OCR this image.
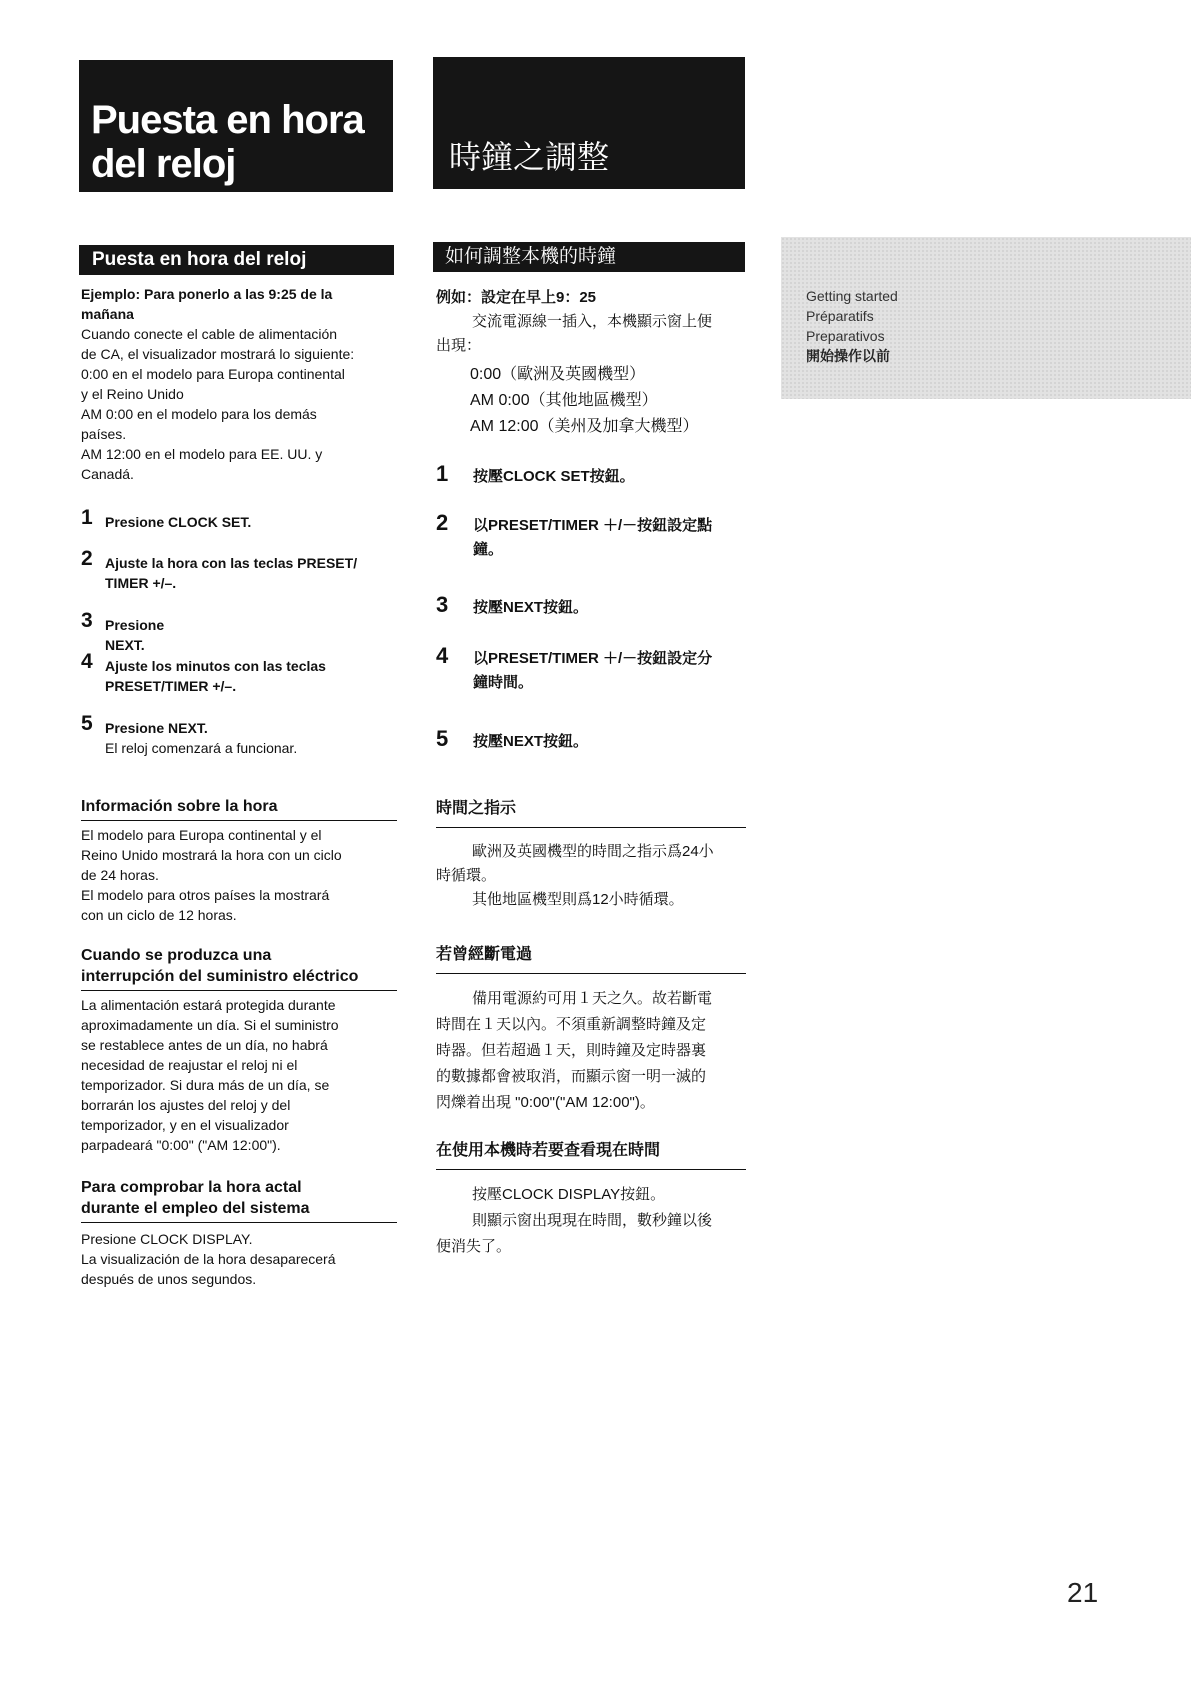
Puesta en hora
del reloj	時鐘之調整
Puesta en hora del reloj	如何調整本機的時鐘
Ejemplo: Para ponerlo a las 9:25 de la
mañana
Cuando conecte el cable de alimentación
de CA, el visualizador mostrará lo siguiente:
0:00 en el modelo para Europa continental
y el Reino Unido
AM 0:00 en el modelo para los demás
países.
AM 12:00 en el modelo para EE. UU. y
Canadá.
1 Presione CLOCK SET.
2 Ajuste la hora con las teclas PRESET/
TIMER +/–.
3 Presione NEXT.
4 Ajuste los minutos con las teclas
PRESET/TIMER +/–.
5 Presione NEXT.
El reloj comenzará a funcionar.
Información sobre la hora
El modelo para Europa continental y el
Reino Unido mostrará la hora con un ciclo
de 24 horas.
El modelo para otros países la mostrará
con un ciclo de 12 horas.
Cuando se produzca una
interrupción del suministro eléctrico
La alimentación estará protegida durante
aproximadamente un día. Si el suministro
se restablece antes de un día, no habrá
necesidad de reajustar el reloj ni el
temporizador. Si dura más de un día, se
borrarán los ajustes del reloj y del
temporizador, y en el visualizador
parpadeará "0:00" ("AM 12:00").
Para comprobar la hora actal
durante el empleo del sistema
Presione CLOCK DISPLAY.
La visualización de la hora desaparecerá
después de unos segundos.
例如：設定在早上9：25
交流電源線一插入，本機顯示窗上便
出現：
0:00（歐洲及英國機型）
AM 0:00（其他地區機型）
AM 12:00（美州及加拿大機型）
1 按壓CLOCK SET按鈕。
2 以PRESET/TIMER ＋/－按鈕設定點
鐘。
3 按壓NEXT按鈕。
4 以PRESET/TIMER ＋/－按鈕設定分
鐘時間。
5 按壓NEXT按鈕。
時間之指示
歐洲及英國機型的時間之指示爲24小
時循環。
其他地區機型則爲12小時循環。
若曾經斷電過
備用電源約可用１天之久。故若斷電
時間在１天以內。不須重新調整時鐘及定
時器。但若超過１天，則時鐘及定時器裏
的數據都會被取消，而顯示窗一明一滅的
閃爍着出現 "0:00"("AM 12:00")。
在使用本機時若要查看現在時間
按壓CLOCK DISPLAY按鈕。
則顯示窗出現現在時間，數秒鐘以後
便消失了。
Getting started
Préparatifs
Preparativos
開始操作以前
21
